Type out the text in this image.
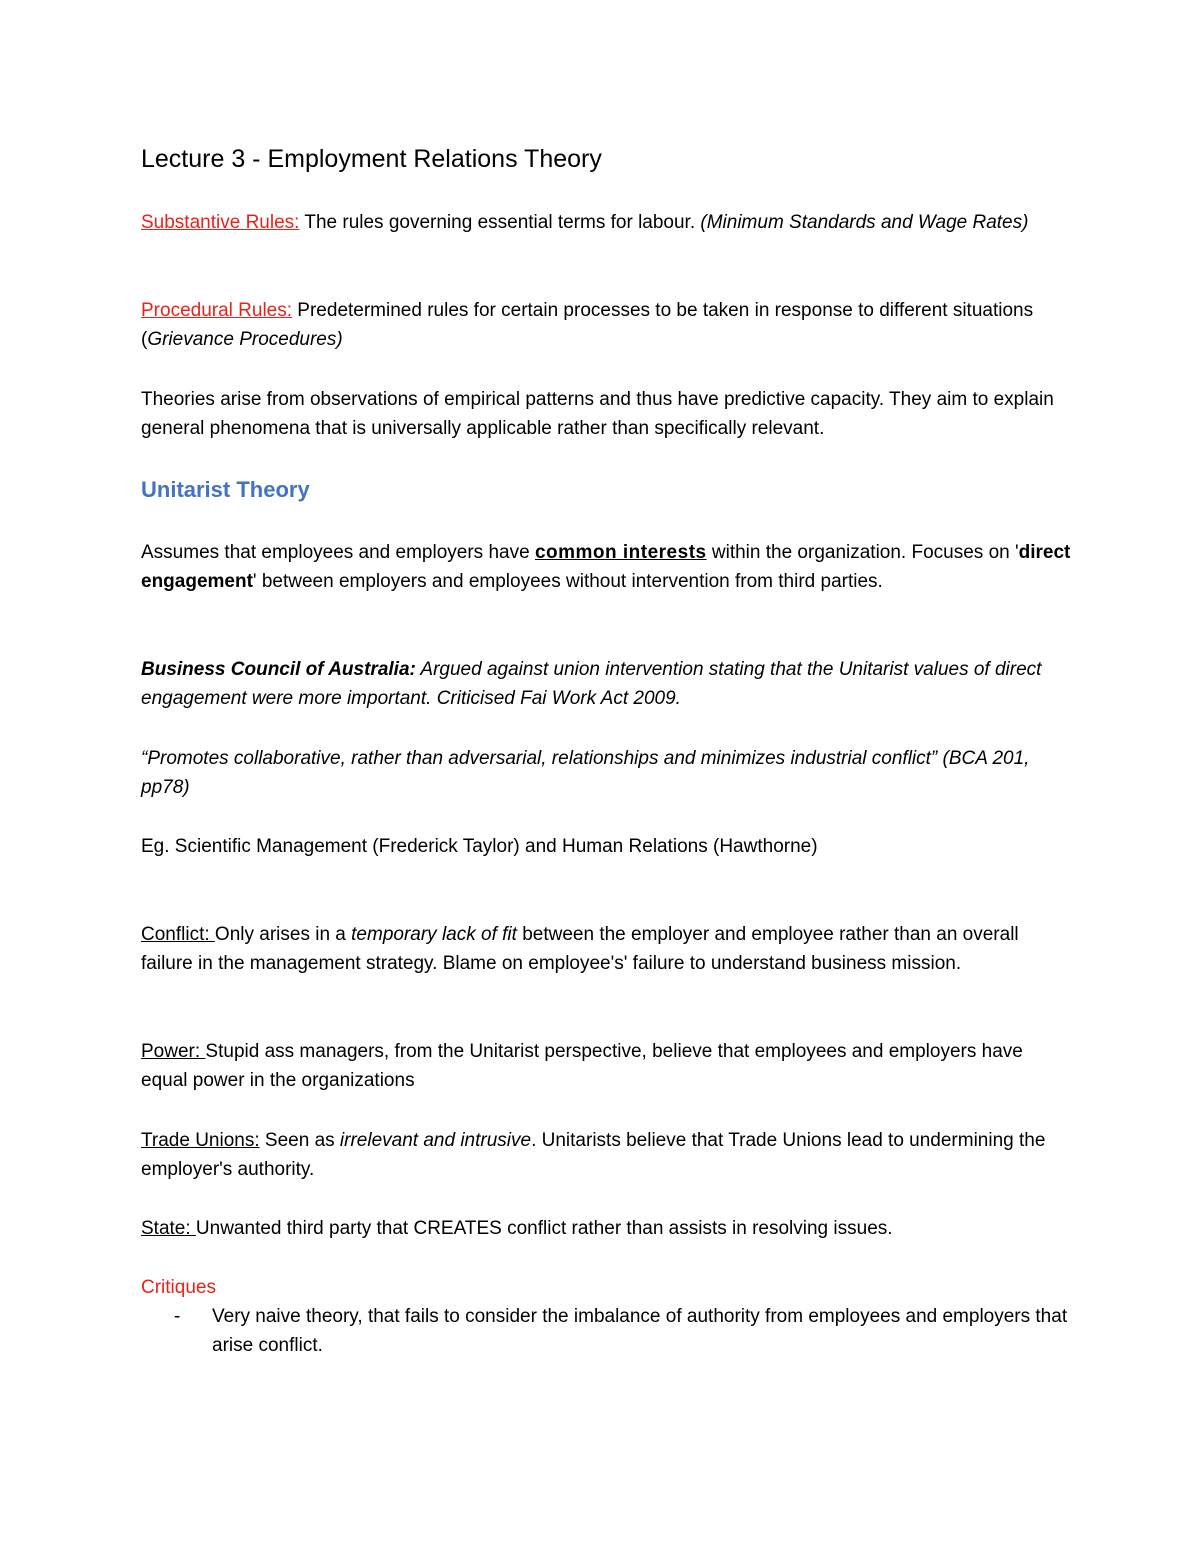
Lecture 3 - Employment Relations Theory
Substantive Rules: The rules governing essential terms for labour. (Minimum Standards and Wage Rates)
Procedural Rules: Predetermined rules for certain processes to be taken in response to different situations (Grievance Procedures)
Theories arise from observations of empirical patterns and thus have predictive capacity. They aim to explain general phenomena that is universally applicable rather than specifically relevant.
Unitarist Theory
Assumes that employees and employers have common interests within the organization. Focuses on 'direct engagement' between employers and employees without intervention from third parties.
Business Council of Australia: Argued against union intervention stating that the Unitarist values of direct engagement were more important. Criticised Fai Work Act 2009.
“Promotes collaborative, rather than adversarial, relationships and minimizes industrial conflict” (BCA 201, pp78)
Eg. Scientific Management (Frederick Taylor) and Human Relations (Hawthorne)
Conflict: Only arises in a temporary lack of fit between the employer and employee rather than an overall failure in the management strategy. Blame on employee's' failure to understand business mission.
Power: Stupid ass managers, from the Unitarist perspective, believe that employees and employers have equal power in the organizations
Trade Unions: Seen as irrelevant and intrusive. Unitarists believe that Trade Unions lead to undermining the employer's authority.
State: Unwanted third party that CREATES conflict rather than assists in resolving issues.
Critiques
- Very naive theory, that fails to consider the imbalance of authority from employees and employers that arise conflict.
